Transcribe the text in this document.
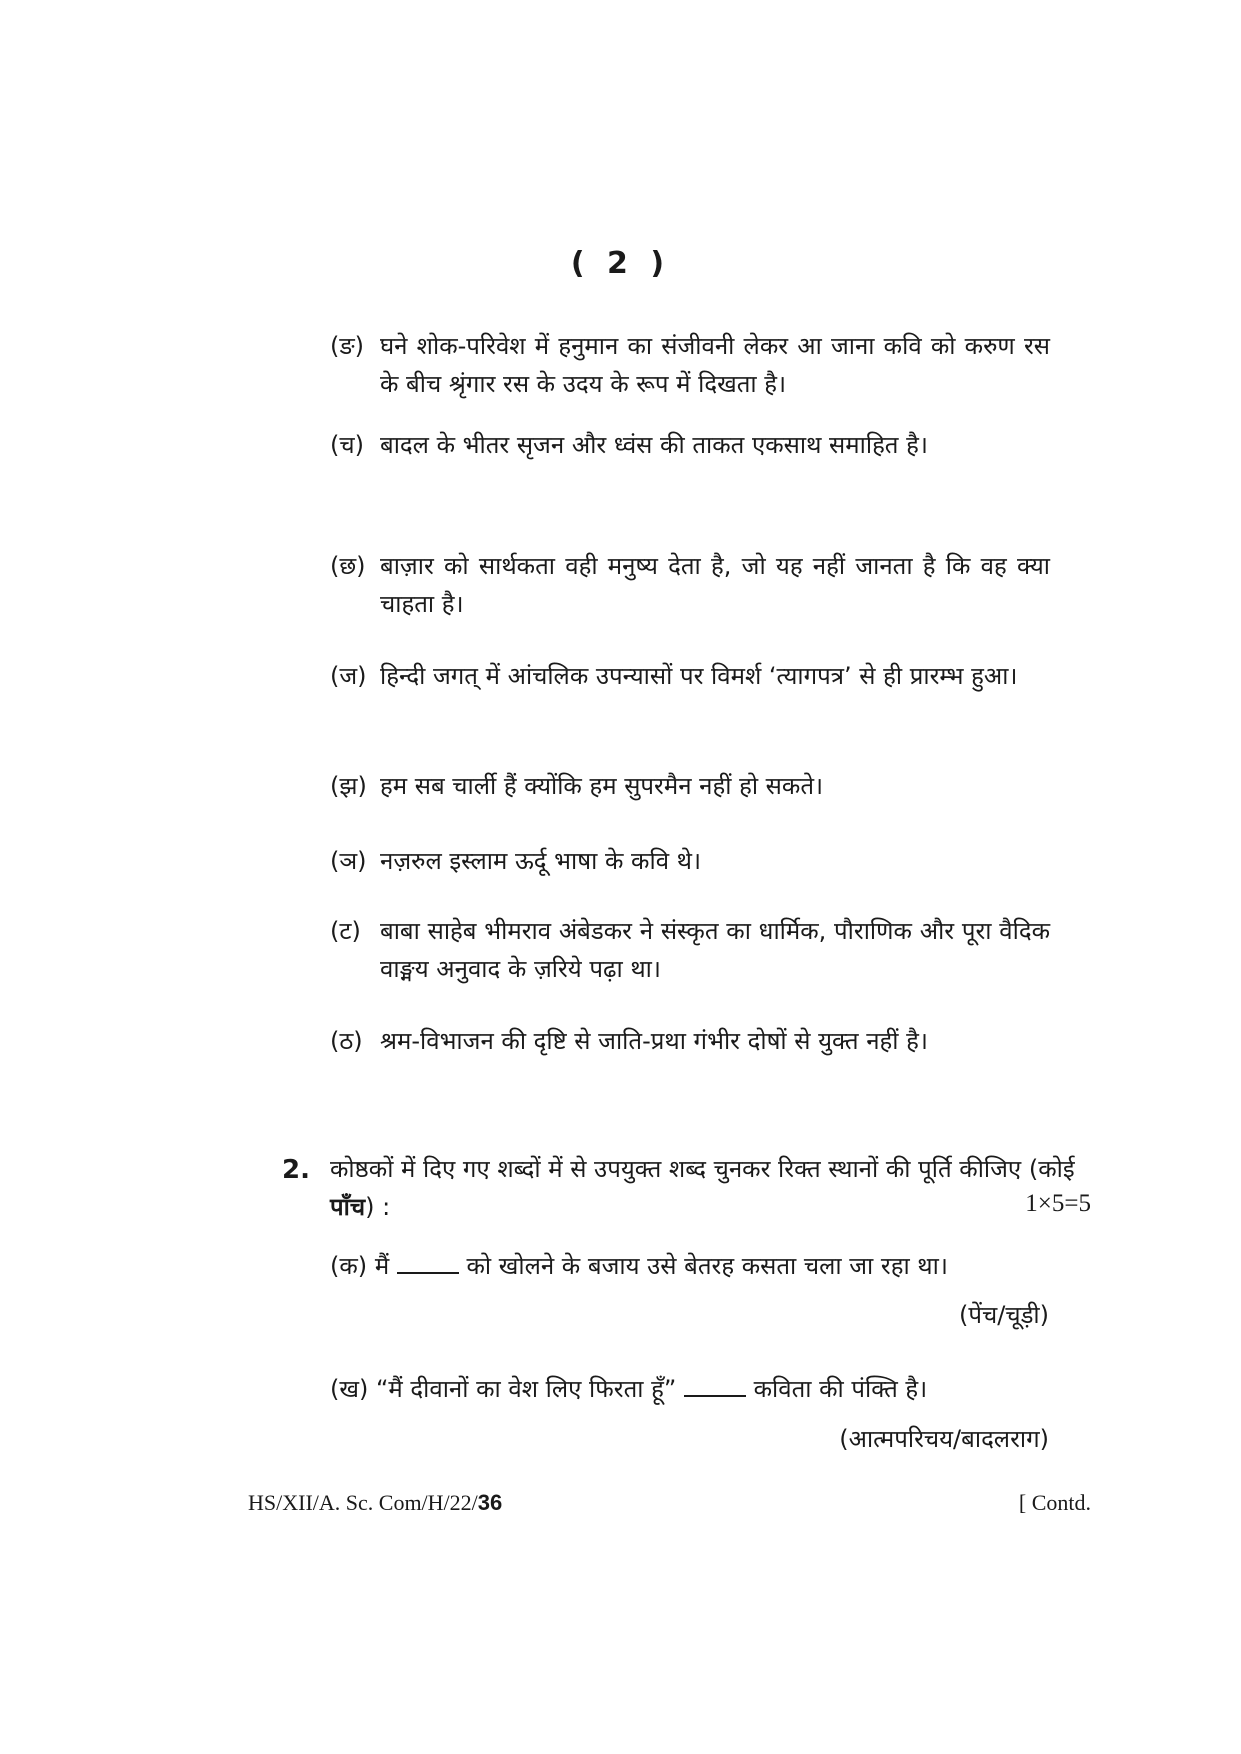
( 2 )
(ङ) घने शोक-परिवेश में हनुमान का संजीवनी लेकर आ जाना कवि को करुण रस के बीच श्रृंगार रस के उदय के रूप में दिखता है।
(च) बादल के भीतर सृजन और ध्वंस की ताकत एकसाथ समाहित है।
(छ) बाज़ार को सार्थकता वही मनुष्य देता है, जो यह नहीं जानता है कि वह क्या चाहता है।
(ज) हिन्दी जगत् में आंचलिक उपन्यासों पर विमर्श ‘त्यागपत्र’ से ही प्रारम्भ हुआ।
(झ) हम सब चार्ली हैं क्योंकि हम सुपरमैन नहीं हो सकते।
(ञ) नज़रुल इस्लाम ऊर्दू भाषा के कवि थे।
(ट) बाबा साहेब भीमराव अंबेडकर ने संस्कृत का धार्मिक, पौराणिक और पूरा वैदिक वाङ्मय अनुवाद के ज़रिये पढ़ा था।
(ठ) श्रम-विभाजन की दृष्टि से जाति-प्रथा गंभीर दोषों से युक्त नहीं है।
2. कोष्ठकों में दिए गए शब्दों में से उपयुक्त शब्द चुनकर रिक्त स्थानों की पूर्ति कीजिए (कोई पाँच) :	1×5=5
(क) मैं	को खोलने के बजाय उसे बेतरह कसता चला जा रहा था।
(पेंच/चूड़ी)
(ख) “मैं दीवानों का वेश लिए फिरता हूँ”	कविता की पंक्ति है।
(आत्मपरिचय/बादलराग)
HS/XII/A. Sc. Com/H/22/36	[ Contd.
